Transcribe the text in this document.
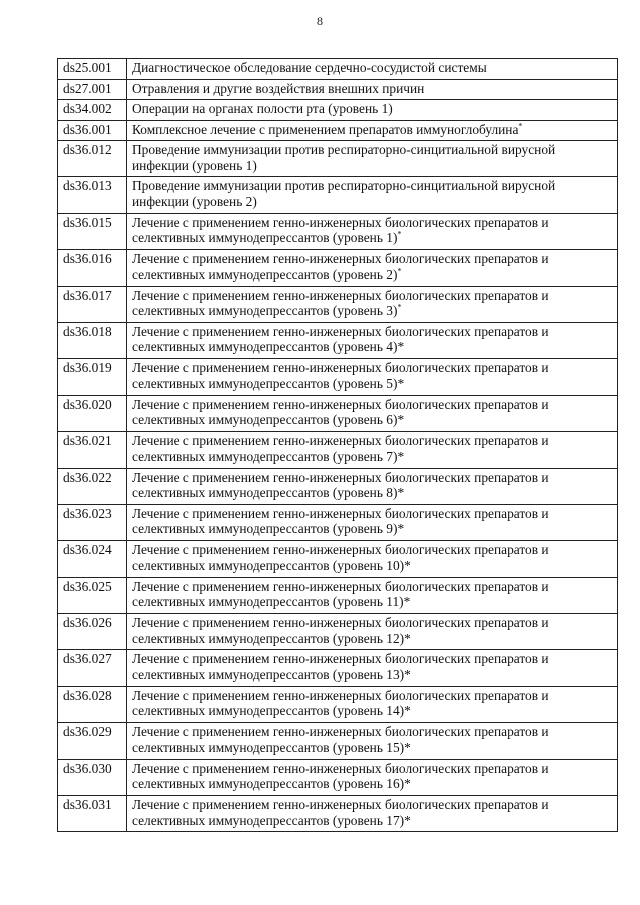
8
ds25.001	Диагностическое обследование сердечно-сосудистой системы
ds27.001	Отравления и другие воздействия внешних причин
ds34.002	Операции на органах полости рта (уровень 1)
ds36.001	Комплексное лечение с применением препаратов иммуноглобулина*
ds36.012	Проведение иммунизации против респираторно-синцитиальной вирусной инфекции (уровень 1)
ds36.013	Проведение иммунизации против респираторно-синцитиальной вирусной инфекции (уровень 2)
ds36.015	Лечение с применением генно-инженерных биологических препаратов и селективных иммунодепрессантов (уровень 1)*
ds36.016	Лечение с применением генно-инженерных биологических препаратов и селективных иммунодепрессантов (уровень 2)*
ds36.017	Лечение с применением генно-инженерных биологических препаратов и селективных иммунодепрессантов (уровень 3)*
ds36.018	Лечение с применением генно-инженерных биологических препаратов и селективных иммунодепрессантов (уровень 4)*
ds36.019	Лечение с применением генно-инженерных биологических препаратов и селективных иммунодепрессантов (уровень 5)*
ds36.020	Лечение с применением генно-инженерных биологических препаратов и селективных иммунодепрессантов (уровень 6)*
ds36.021	Лечение с применением генно-инженерных биологических препаратов и селективных иммунодепрессантов (уровень 7)*
ds36.022	Лечение с применением генно-инженерных биологических препаратов и селективных иммунодепрессантов (уровень 8)*
ds36.023	Лечение с применением генно-инженерных биологических препаратов и селективных иммунодепрессантов (уровень 9)*
ds36.024	Лечение с применением генно-инженерных биологических препаратов и селективных иммунодепрессантов (уровень 10)*
ds36.025	Лечение с применением генно-инженерных биологических препаратов и селективных иммунодепрессантов (уровень 11)*
ds36.026	Лечение с применением генно-инженерных биологических препаратов и селективных иммунодепрессантов (уровень 12)*
ds36.027	Лечение с применением генно-инженерных биологических препаратов и селективных иммунодепрессантов (уровень 13)*
ds36.028	Лечение с применением генно-инженерных биологических препаратов и селективных иммунодепрессантов (уровень 14)*
ds36.029	Лечение с применением генно-инженерных биологических препаратов и селективных иммунодепрессантов (уровень 15)*
ds36.030	Лечение с применением генно-инженерных биологических препаратов и селективных иммунодепрессантов (уровень 16)*
ds36.031	Лечение с применением генно-инженерных биологических препаратов и селективных иммунодепрессантов (уровень 17)*
